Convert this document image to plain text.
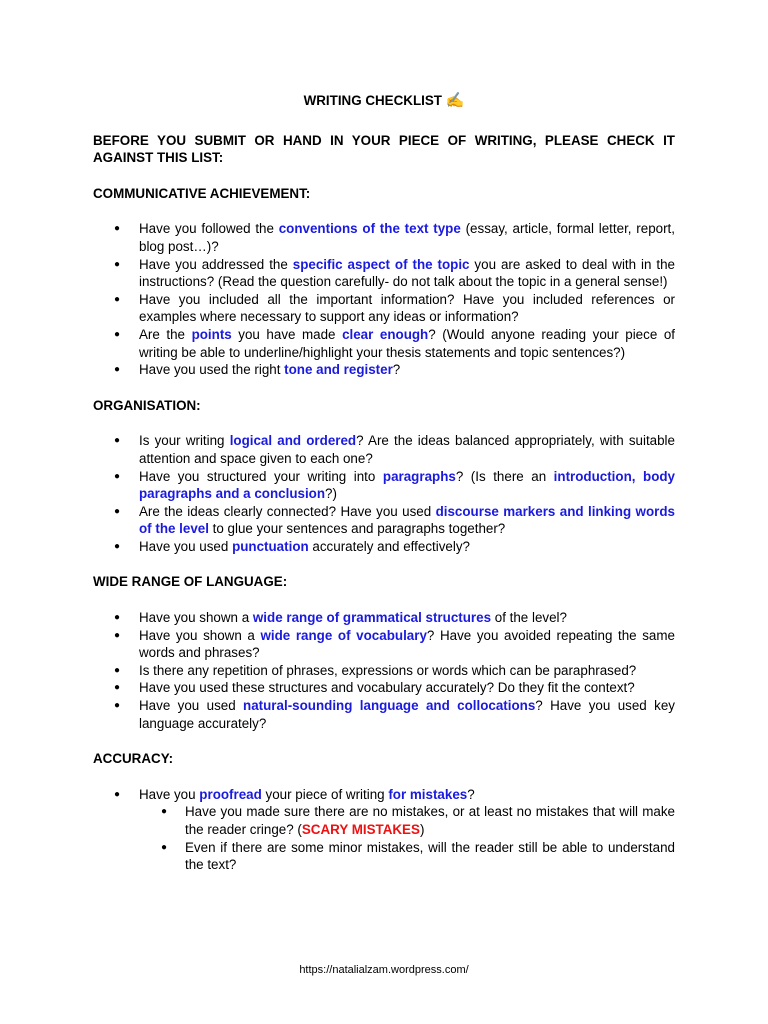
WRITING CHECKLIST ✍
BEFORE YOU SUBMIT OR HAND IN YOUR PIECE OF WRITING, PLEASE CHECK IT AGAINST THIS LIST:
COMMUNICATIVE ACHIEVEMENT:
● Have you followed the conventions of the text type (essay, article, formal letter, report, blog post…)?
● Have you addressed the specific aspect of the topic you are asked to deal with in the instructions? (Read the question carefully- do not talk about the topic in a general sense!)
● Have you included all the important information? Have you included references or examples where necessary to support any ideas or information?
● Are the points you have made clear enough? (Would anyone reading your piece of writing be able to underline/highlight your thesis statements and topic sentences?)
● Have you used the right tone and register?
ORGANISATION:
● Is your writing logical and ordered? Are the ideas balanced appropriately, with suitable attention and space given to each one?
● Have you structured your writing into paragraphs? (Is there an introduction, body paragraphs and a conclusion?)
● Are the ideas clearly connected? Have you used discourse markers and linking words of the level to glue your sentences and paragraphs together?
● Have you used punctuation accurately and effectively?
WIDE RANGE OF LANGUAGE:
● Have you shown a wide range of grammatical structures of the level?
● Have you shown a wide range of vocabulary? Have you avoided repeating the same words and phrases?
● Is there any repetition of phrases, expressions or words which can be paraphrased?
● Have you used these structures and vocabulary accurately? Do they fit the context?
● Have you used natural-sounding language and collocations? Have you used key language accurately?
ACCURACY:
● Have you proofread your piece of writing for mistakes?
● Have you made sure there are no mistakes, or at least no mistakes that will make the reader cringe? (SCARY MISTAKES)
● Even if there are some minor mistakes, will the reader still be able to understand the text?
https://natalialzam.wordpress.com/
